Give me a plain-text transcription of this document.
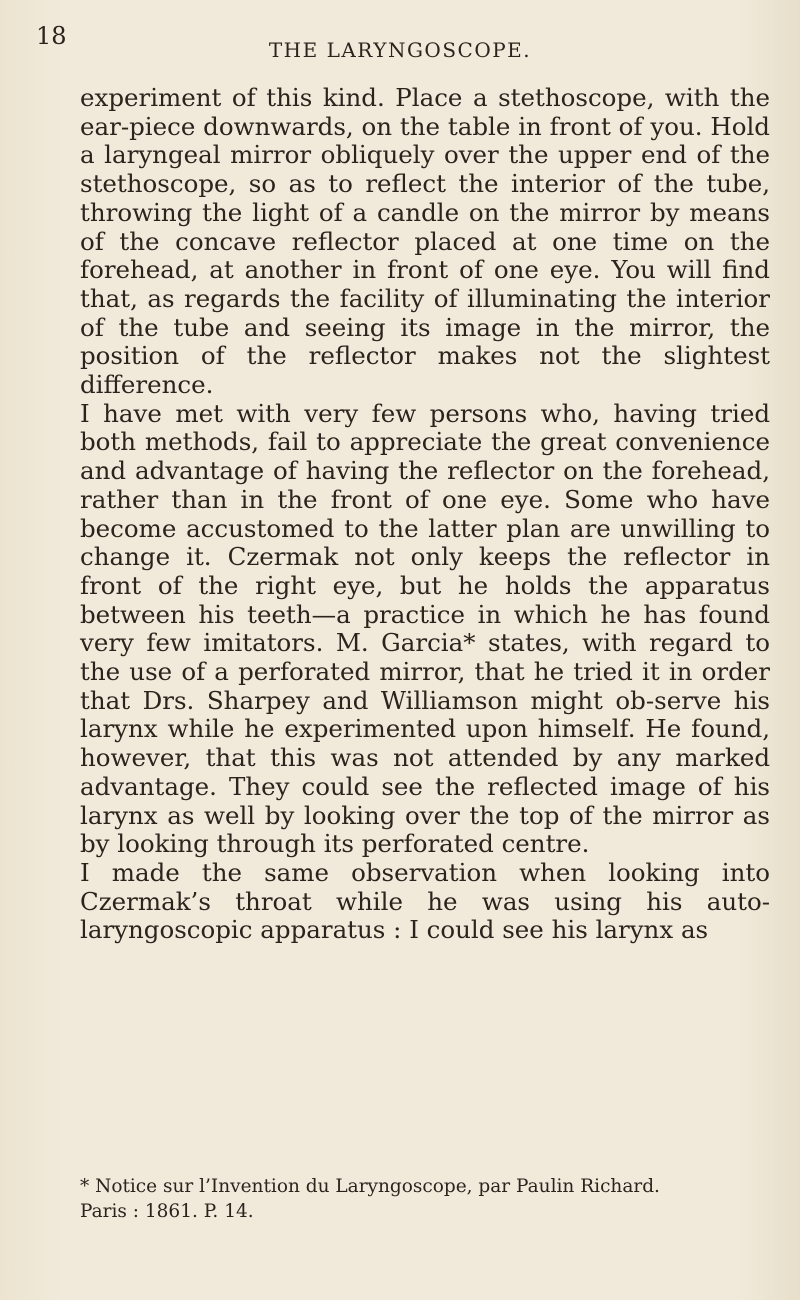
18	THE LARYNGOSCOPE.

experiment of this kind. Place a stethoscope, with the ear-piece downwards, on the table in front of you. Hold a laryngeal mirror obliquely over the upper end of the stethoscope, so as to reflect the interior of the tube, throwing the light of a candle on the mirror by means of the concave reflector placed at one time on the forehead, at another in front of one eye. You will find that, as regards the facility of illuminating the interior of the tube and seeing its image in the mirror, the position of the reflector makes not the slightest difference.

I have met with very few persons who, having tried both methods, fail to appreciate the great convenience and advantage of having the reflector on the forehead, rather than in the front of one eye. Some who have become accustomed to the latter plan are unwilling to change it. Czermak not only keeps the reflector in front of the right eye, but he holds the apparatus between his teeth—a practice in which he has found very few imitators. M. Garcia* states, with regard to the use of a perforated mirror, that he tried it in order that Drs. Sharpey and Williamson might ob-serve his larynx while he experimented upon himself. He found, however, that this was not attended by any marked advantage. They could see the reflected image of his larynx as well by looking over the top of the mirror as by looking through its perforated centre.

I made the same observation when looking into Czermak’s throat while he was using his auto-laryngoscopic apparatus : I could see his larynx as

* Notice sur l’Invention du Laryngoscope, par Paulin Richard.

Paris : 1861. P. 14.
